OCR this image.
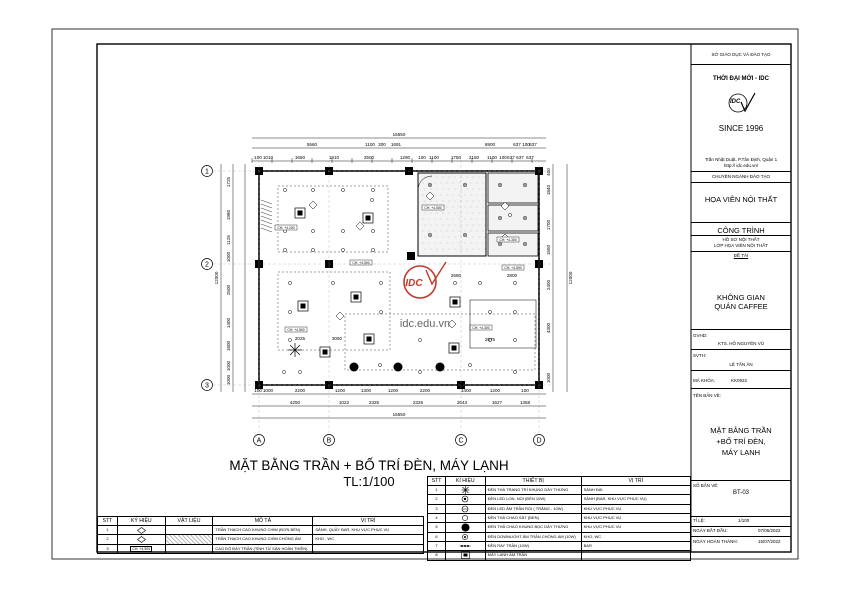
CH: +4.200
CH: +4.500
CH: +4.500
CH: +4.300
CH: +4.300
CH: +4.500
CH: +4.500
15550
5560	1100 300 1691	6900	637 100 637
100 1010	1650	1810	2500	1290 100 1100	1750 2150 1100 100 637 637 637
100 1000	2200	1200	1300	1200	2200	1400	1200	100
4250	1022	2325	2325	2643	1627	1358
15550
12000
1725
1980
1125
1000
2500
1400
1800
1000
1000
12000
400
1840
1700
1550
2400
4300
1000
2680	2800
2025	3050	2575
1
2
3
A	B	C	D
IDC
idc.edu.vn
MẶT BẰNG TRẦN + BỐ TRÍ ĐÈN, MÁY LẠNH
TL:1/100
STT	KÝ HIỆU	VẬT LIỆU	MÔ TẢ	VỊ TRÍ
1			TRẦN THẠCH CAO KHUNG CHÌM (ĐƠN BÊN)	SẢNH, QUẦY BAR, KHU VỰC PHỤC VỤ
2			TRẦN THẠCH CAO KHUNG CHÌM CHỐNG ẨM	KHO , WC
3	CH: +4.500		CAO ĐỘ ĐÁY TRẦN (TÍNH TỪ SÀN HOÀN THIỆN)	
STT	KÍ HIỆU	THIẾT BỊ	VỊ TRÍ
1		ĐÈN THẢ TRANG TRÍ KHUNG DÂY THỪNG	SẢNH ĐÀI
2		ĐÈN LED LON- NỔI (ĐÈN 10W)	SẢNH (BAR, KHU VỰC PHỤC VỤ)
3		ĐÈN LED ÂM TRẦN RỌI ( TRẮNG - 10W)	KHU VỰC PHỤC VỤ
4		ĐÈN THẢ CHAO SẮT (ĐEN)	KHU VỰC PHỤC VỤ
5		ĐÈN THẢ CHAO KHUNG BỌC DÂY THỪNG	KHU VỰC PHỤC VỤ
6		ĐÈN DOWNLIGHT ÂM TRẦN CHỐNG ẨM (10W)	KHO, WC
7		ĐÈN RAY TRẦN (10W)	BAR
8		MÁY LẠNH ÂM TRẦN	
SỞ GIÁO DỤC VÀ ĐÀO TẠO
THỜI ĐẠI MỚI - IDC
IDC
SINCE 1996
Trần Nhật Duật, P.Tân Định, Quận 1
http:// idc.edu.vn/
CHUYÊN NGÀNH ĐÀO TẠO
HỌA VIÊN NỘI THẤT
CÔNG TRÌNH
HỒ SƠ NỘI THẤT
LỚP HỌA VIÊN NỘI THẤT
ĐỀ TÀI
KHÔNG GIAN
QUÁN CAFFEE
GVHD:
KTS. HỒ NGUYÊN VŨ
SVTH:
LÊ TẤN ÂN
MÃ KHÓA:	KK0922
TÊN BẢN VẼ:
MẶT BẰNG TRẦN
+BỐ TRÍ ĐÈN,
MÁY LẠNH
SỐ BẢN VẼ:
BT-03
TỈ LỆ:	1/100
NGÀY BẮT ĐẦU:	07/05/2022
NGÀY HOÀN THÀNH:	15/07/2022
